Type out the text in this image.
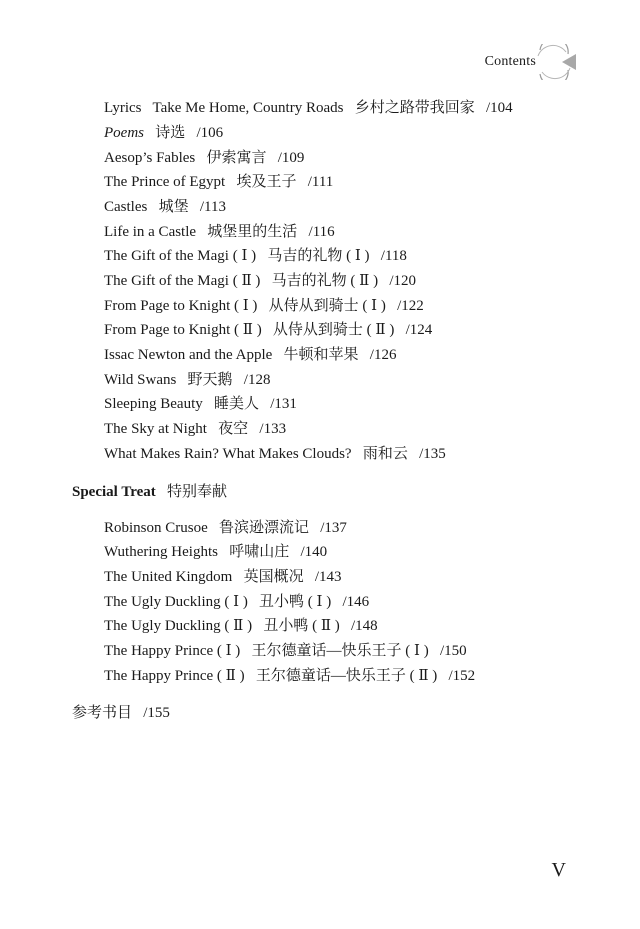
Contents
Lyrics   Take Me Home, Country Roads   乡村之路带我回家   /104
Poems   诗选   /106
Aesop’s Fables   伊索寓言   /109
The Prince of Egypt   埃及王子   /111
Castles   城堡   /113
Life in a Castle   城堡里的生活   /116
The Gift of the Magi ( Ⅰ )   马吉的礼物 ( Ⅰ )   /118
The Gift of the Magi ( Ⅱ )   马吉的礼物 ( Ⅱ )   /120
From Page to Knight ( Ⅰ )   从侍从到骑士 ( Ⅰ )   /122
From Page to Knight ( Ⅱ )   从侍从到骑士 ( Ⅱ )   /124
Issac Newton and the Apple   牛顿和苹果   /126
Wild Swans   野天鹅   /128
Sleeping Beauty   睡美人   /131
The Sky at Night   夜空   /133
What Makes Rain? What Makes Clouds?   雨和云   /135
Special Treat   特别奉献
Robinson Crusoe   鲁滨逊漂流记   /137
Wuthering Heights   呼啸山庄   /140
The United Kingdom   英国概况   /143
The Ugly Duckling ( Ⅰ )   丑小鸭 ( Ⅰ )   /146
The Ugly Duckling ( Ⅱ )   丑小鸭 ( Ⅱ )   /148
The Happy Prince ( Ⅰ )   王尔德童话—快乐王子 ( Ⅰ )   /150
The Happy Prince ( Ⅱ )   王尔德童话—快乐王子 ( Ⅱ )   /152
参考书目   /155
V
